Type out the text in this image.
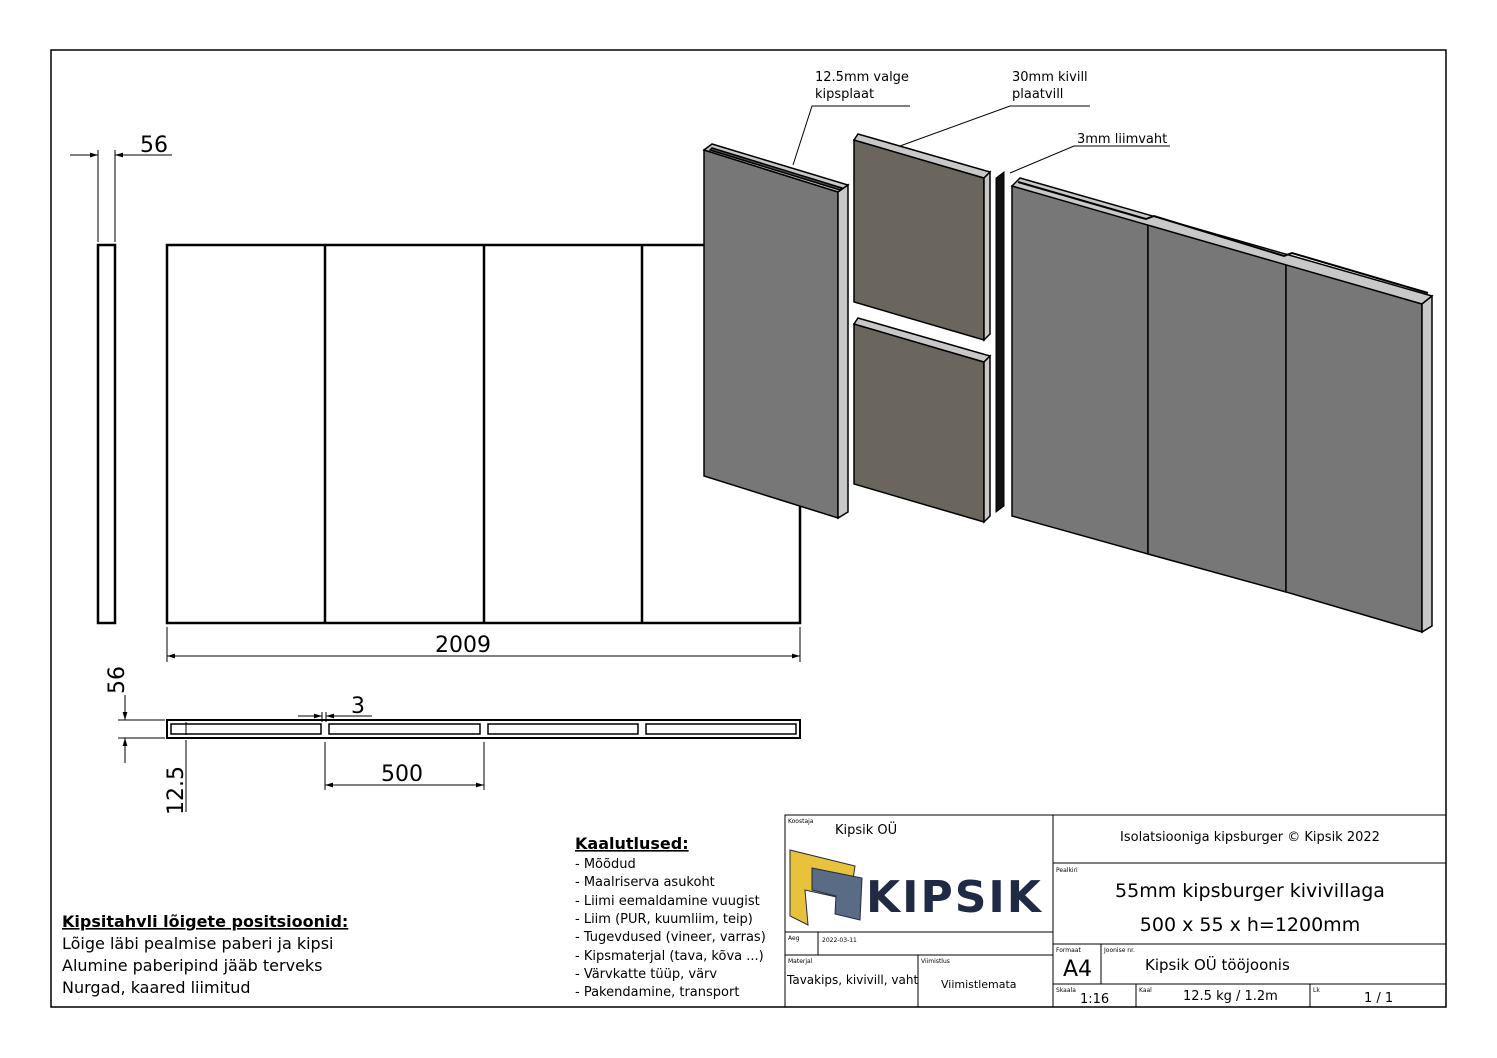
56
2009
56
12.5
3
500
12.5mm valge
kipsplaat
30mm kivill
plaatvill
3mm liimvaht
Kaalutlused:
- Mõõdud
- Maalriserva asukoht
- Liimi eemaldamine vuugist
- Liim (PUR, kuumliim, teip)
- Tugevdused (vineer, varras)
- Kipsmaterjal (tava, kõva ...)
- Värvkatte tüüp, värv
- Pakendamine, transport
Kipsitahvli lõigete positsioonid:
Lõige läbi pealmise paberi ja kipsi
Alumine paberipind jääb terveks
Nurgad, kaared liimitud
Koostaja
Kipsik OÜ
KIPSIK
Isolatsiooniga kipsburger © Kipsik 2022
Pealkiri
55mm kipsburger kivivillaga
500 x 55 x h=1200mm
Aeg	2022-03-11
Materjal
Tavakips, kivivill, vaht
Viimistlus
Viimistlemata
Formaat
A4
Joonise nr.
Kipsik OÜ tööjoonis
Skaala
1:16
Kaal 12.5 kg / 1.2m	Lk
1 / 1
